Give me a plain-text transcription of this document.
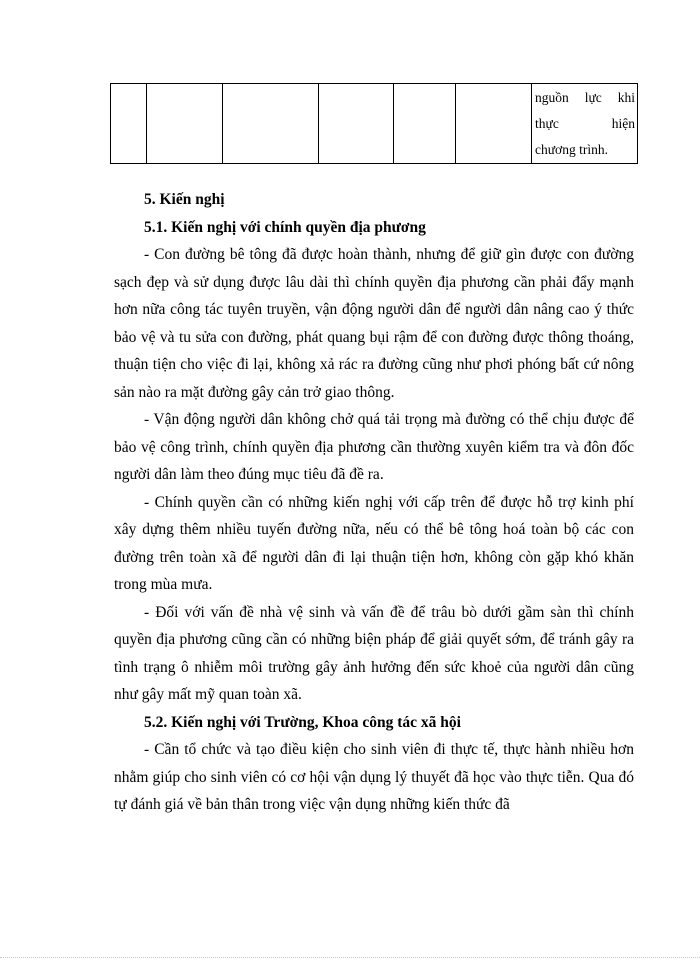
nguồn lực khi
thực hiện
chương trình.
5. Kiến nghị
5.1. Kiến nghị với chính quyền địa phương

- Con đường bê tông đã được hoàn thành, nhưng để giữ gìn được con đường sạch đẹp và sử dụng được lâu dài thì chính quyền địa phương cần phải đẩy mạnh hơn nữa công tác tuyên truyền, vận động người dân để người dân nâng cao ý thức bảo vệ và tu sửa con đường, phát quang bụi rậm để con đường được thông thoáng, thuận tiện cho việc đi lại, không xả rác ra đường cũng như phơi phóng bất cứ nông sản nào ra mặt đường gây cản trở giao thông.

- Vận động người dân không chở quá tải trọng mà đường có thể chịu được để bảo vệ công trình, chính quyền địa phương cần thường xuyên kiểm tra và đôn đốc người dân làm theo đúng mục tiêu đã đề ra.

- Chính quyền cần có những kiến nghị với cấp trên để được hỗ trợ kinh phí xây dựng thêm nhiều tuyến đường nữa, nếu có thể bê tông hoá toàn bộ các con đường trên toàn xã để người dân đi lại thuận tiện hơn, không còn gặp khó khăn trong mùa mưa.

- Đối với vấn đề nhà vệ sinh và vấn đề để trâu bò dưới gầm sàn thì chính quyền địa phương cũng cần có những biện pháp để giải quyết sớm, để tránh gây ra tình trạng ô nhiễm môi trường gây ảnh hưởng đến sức khoẻ của người dân cũng như gây mất mỹ quan toàn xã.

5.2. Kiến nghị với Trường, Khoa công tác xã hội

- Cần tổ chức và tạo điều kiện cho sinh viên đi thực tế, thực hành nhiều hơn nhằm giúp cho sinh viên có cơ hội vận dụng lý thuyết đã học vào thực tiễn. Qua đó tự đánh giá về bản thân trong việc vận dụng những kiến thức đã
